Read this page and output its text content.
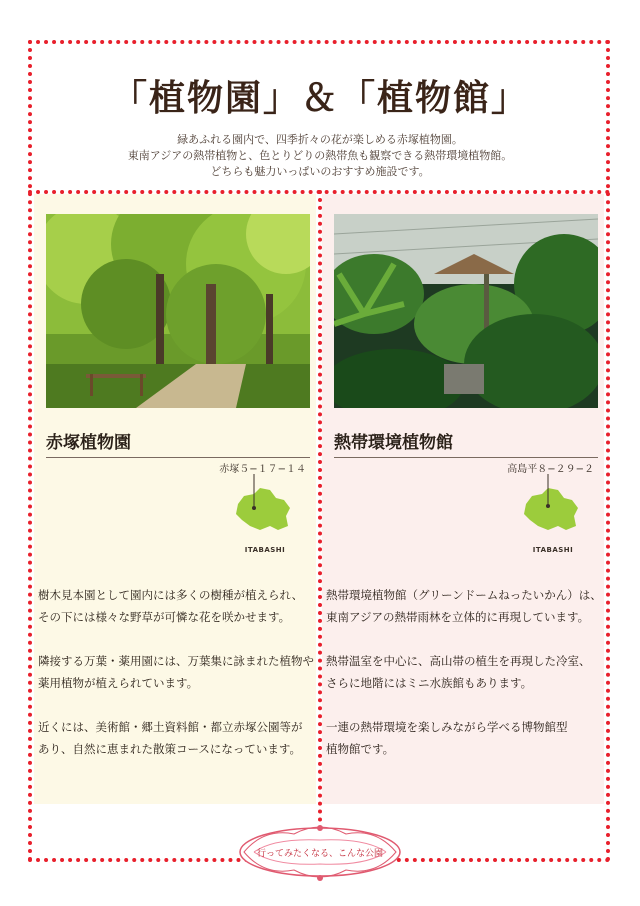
「植物園」＆「植物館」
緑あふれる園内で、四季折々の花が楽しめる赤塚植物園。
東南アジアの熱帯植物と、色とりどりの熱帯魚も観察できる熱帯環境植物館。
どちらも魅力いっぱいのおすすめ施設です。
赤塚植物園
赤塚５−１７−１４
ITABASHI

樹木見本園として園内には多くの樹種が植えられ、
その下には様々な野草が可憐な花を咲かせます。

隣接する万葉・薬用園には、万葉集に詠まれた植物や
薬用植物が植えられています。

近くには、美術館・郷土資料館・都立赤塚公園等が
あり、自然に恵まれた散策コースになっています。

熱帯環境植物館
高島平８−２９−２
ITABASHI

熱帯環境植物館（グリーンドームねったいかん）は、
東南アジアの熱帯雨林を立体的に再現しています。

熱帯温室を中心に、高山帯の植生を再現した冷室、
さらに地階にはミニ水族館もあります。

一連の熱帯環境を楽しみながら学べる博物館型
植物館です。

行ってみたくなる、こんな公園
